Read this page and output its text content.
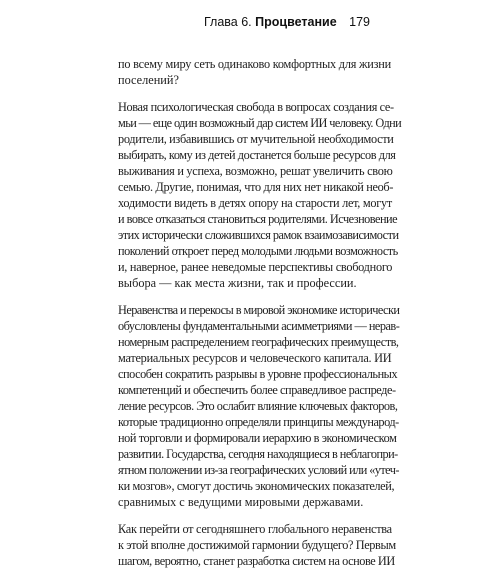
Глава 6. Процветание 179
по всему миру сеть одинаково комфортных для жизни
поселений?
Новая психологическая свобода в вопросах создания се-
мьи — еще один возможный дар систем ИИ человеку. Одни
родители, избавившись от мучительной необходимости
выбирать, кому из детей достанется больше ресурсов для
выживания и успеха, возможно, решат увеличить свою
семью. Другие, понимая, что для них нет никакой необ-
ходимости видеть в детях опору на старости лет, могут
и вовсе отказаться становиться родителями. Исчезновение
этих исторически сложившихся рамок взаимозависимости
поколений откроет перед молодыми людьми возможность
и, наверное, ранее неведомые перспективы свободного
выбора — как места жизни, так и профессии.
Неравенства и перекосы в мировой экономике исторически
обусловлены фундаментальными асимметриями — нерав-
номерным распределением географических преимуществ,
материальных ресурсов и человеческого капитала. ИИ
способен сократить разрывы в уровне профессиональных
компетенций и обеспечить более справедливое распреде-
ление ресурсов. Это ослабит влияние ключевых факторов,
которые традиционно определяли принципы международ-
ной торговли и формировали иерархию в экономическом
развитии. Государства, сегодня находящиеся в неблагопри-
ятном положении из-за географических условий или «утеч-
ки мозгов», смогут достичь экономических показателей,
сравнимых с ведущими мировыми державами.
Как перейти от сегодняшнего глобального неравенства
к этой вполне достижимой гармонии будущего? Первым
шагом, вероятно, станет разработка систем на основе ИИ
